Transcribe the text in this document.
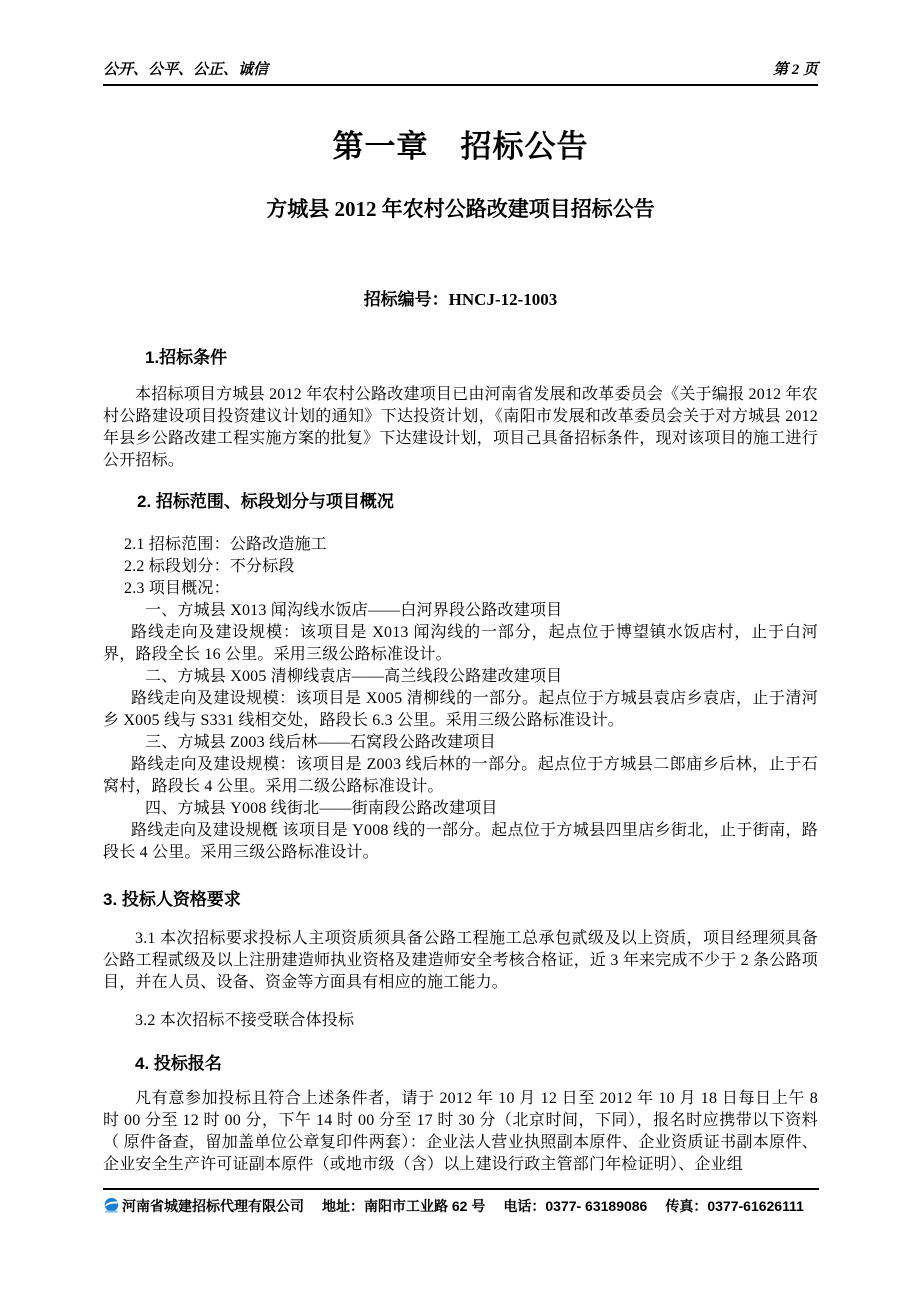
公开、公平、公正、诚信	第 2 页
第一章　招标公告
方城县 2012 年农村公路改建项目招标公告
招标编号：HNCJ-12-1003
1.招标条件
本招标项目方城县 2012 年农村公路改建项目已由河南省发展和改革委员会《关于编报 2012 年农村公路建设项目投资建议计划的通知》下达投资计划，《南阳市发展和改革委员会关于对方城县 2012 年县乡公路改建工程实施方案的批复》下达建设计划，项目己具备招标条件，现对该项目的施工进行公开招标。
2. 招标范围、标段划分与项目概况
2.1 招标范围：公路改造施工
2.2 标段划分：不分标段
2.3 项目概况：
一、方城县 X013 闻沟线水饭店——白河界段公路改建项目
路线走向及建设规模：该项目是 X013 闻沟线的一部分，起点位于博望镇水饭店村，止于白河界，路段全长 16 公里。采用三级公路标准设计。
二、方城县 X005 清柳线袁店——高兰线段公路建改建项目
路线走向及建设规模：该项目是 X005 清柳线的一部分。起点位于方城县袁店乡袁店，止于清河乡 X005 线与 S331 线相交处，路段长 6.3 公里。采用三级公路标准设计。
三、方城县 Z003 线后林——石窝段公路改建项目
路线走向及建设规模：该项目是 Z003 线后林的一部分。起点位于方城县二郎庙乡后林，止于石窝村，路段长 4 公里。采用二级公路标准设计。
四、方城县 Y008 线街北——街南段公路改建项目
路线走向及建设规槪 该项目是 Y008 线的一部分。起点位于方城县四里店乡街北，止于街南，路段长 4 公里。采用三级公路标准设计。
3. 投标人资格要求
3.1 本次招标要求投标人主项资质须具备公路工程施工总承包贰级及以上资质，项目经理须具备公路工程贰级及以上注册建造师执业资格及建造师安全考核合格证，近 3 年来完成不少于 2 条公路项目，并在人员、设备、资金等方面具有相应的施工能力。
3.2 本次招标不接受联合体投标
4. 投标报名
凡有意参加投标且符合上述条件者，请于 2012 年 10 月 12 日至 2012 年 10 月 18 日每日上午 8 时 00 分至 12 时 00 分，下午 14 时 00 分至 17 时 30 分（北京时间，下同），报名时应携带以下资料（ 原件备查，留加盖单位公章复印件两套）：企业法人营业执照副本原件、企业资质证书副本原件、企业安全生产许可证副本原件（或地市级（含）以上建设行政主管部门年检证明）、企业组
河南省城建招标代理有限公司 地址：南阳市工业路 62 号 电话：0377- 63189086 传真：0377-61626111
